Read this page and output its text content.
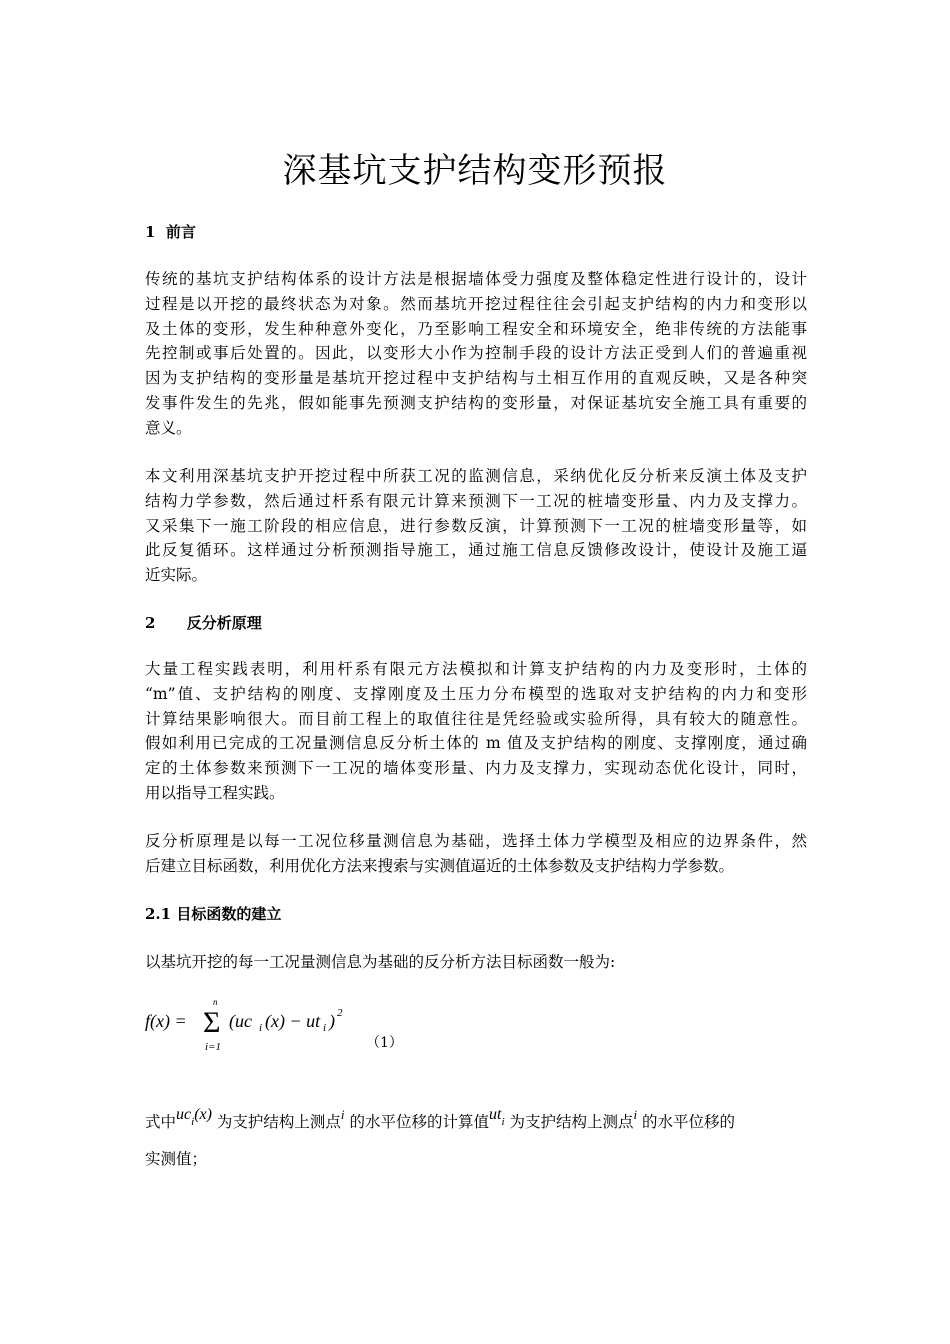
深基坑支护结构变形预报
1  前言
传统的基坑支护结构体系的设计方法是根据墙体受力强度及整体稳定性进行设计的，设计
过程是以开挖的最终状态为对象。然而基坑开挖过程往往会引起支护结构的内力和变形以
及土体的变形，发生种种意外变化，乃至影响工程安全和环境安全，绝非传统的方法能事
先控制或事后处置的。因此，以变形大小作为控制手段的设计方法正受到人们的普遍重视
因为支护结构的变形量是基坑开挖过程中支护结构与土相互作用的直观反映，又是各种突
发事件发生的先兆，假如能事先预测支护结构的变形量，对保证基坑安全施工具有重要的
意义。
本文利用深基坑支护开挖过程中所获工况的监测信息，采纳优化反分析来反演土体及支护
结构力学参数，然后通过杆系有限元计算来预测下一工况的桩墙变形量、内力及支撑力。
又采集下一施工阶段的相应信息，进行参数反演，计算预测下一工况的桩墙变形量等，如
此反复循环。这样通过分析预测指导施工，通过施工信息反馈修改设计，使设计及施工逼
近实际。
2      反分析原理
大量工程实践表明，利用杆系有限元方法模拟和计算支护结构的内力及变形时，土体的
“m”值、支护结构的刚度、支撑刚度及土压力分布模型的选取对支护结构的内力和变形
计算结果影响很大。而目前工程上的取值往往是凭经验或实验所得，具有较大的随意性。
假如利用已完成的工况量测信息反分析土体的 m 值及支护结构的刚度、支撑刚度，通过确
定的土体参数来预测下一工况的墙体变形量、内力及支撑力，实现动态优化设计，同时，
用以指导工程实践。
反分析原理是以每一工况位移量测信息为基础，选择土体力学模型及相应的边界条件，然
后建立目标函数，利用优化方法来搜索与实测值逼近的土体参数及支护结构力学参数。
2.1 目标函数的建立
以基坑开挖的每一工况量测信息为基础的反分析方法目标函数一般为:
f(x) =
n
Σ
i=1
(uc i (x) − ut i ) 2
（1）
式中uci(x) 为支护结构上测点$^i$ 的水平位移的计算值uti 为支护结构上测点$^i$ 的水平位移的
实测值；
